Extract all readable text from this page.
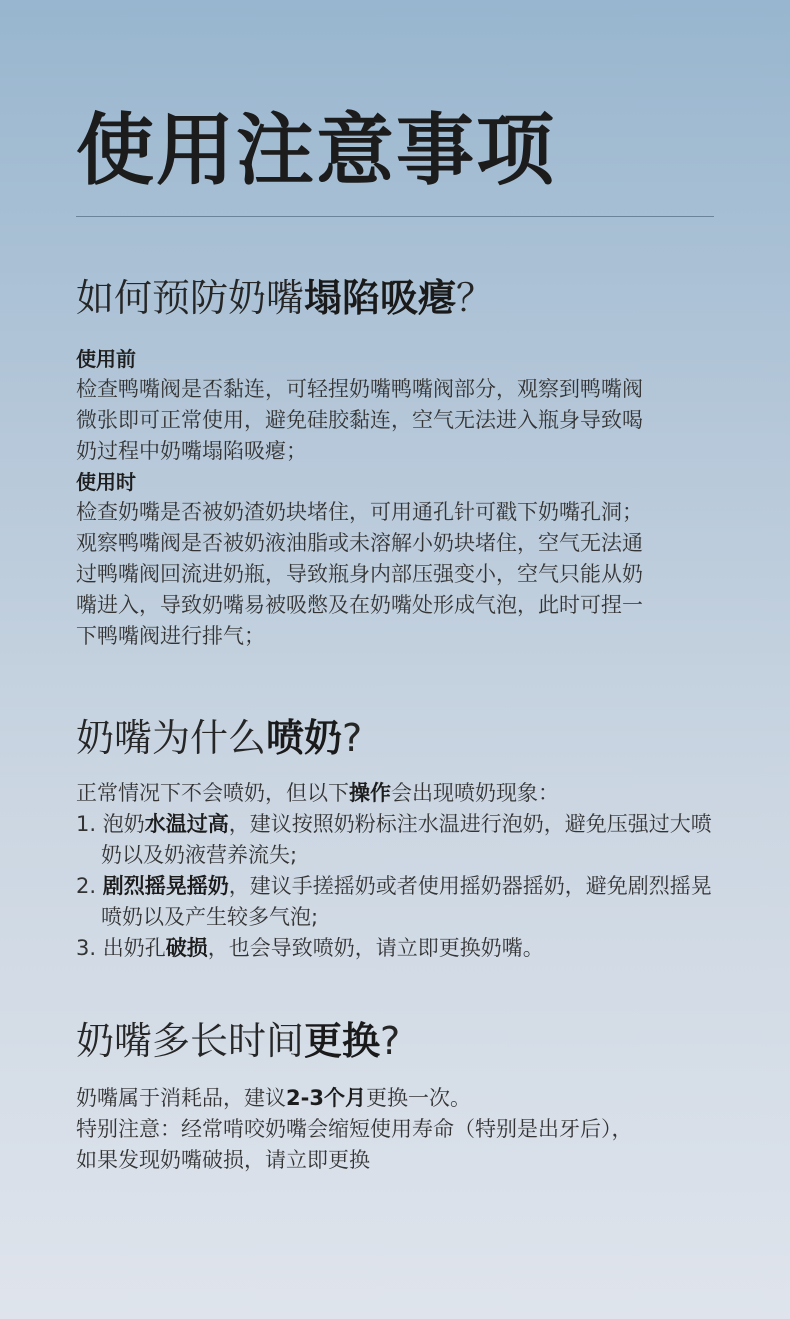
使用注意事项
如何预防奶嘴塌陷吸瘪？
使用前
检查鸭嘴阀是否黏连，可轻捏奶嘴鸭嘴阀部分，观察到鸭嘴阀
微张即可正常使用，避免硅胶黏连，空气无法进入瓶身导致喝
奶过程中奶嘴塌陷吸瘪；
使用时
检查奶嘴是否被奶渣奶块堵住，可用通孔针可戳下奶嘴孔洞；
观察鸭嘴阀是否被奶液油脂或未溶解小奶块堵住，空气无法通
过鸭嘴阀回流进奶瓶，导致瓶身内部压强变小，空气只能从奶
嘴进入，导致奶嘴易被吸憋及在奶嘴处形成气泡，此时可捏一
下鸭嘴阀进行排气；
奶嘴为什么喷奶?
正常情况下不会喷奶，但以下操作会出现喷奶现象：
1. 泡奶水温过高，建议按照奶粉标注水温进行泡奶，避免压强过大喷奶以及奶液营养流失;
2. 剧烈摇晃摇奶，建议手搓摇奶或者使用摇奶器摇奶，避免剧烈摇晃喷奶以及产生较多气泡;
3. 出奶孔破损，也会导致喷奶，请立即更换奶嘴。
奶嘴多长时间更换?
奶嘴属于消耗品，建议2-3个月更换一次。
特别注意：经常啃咬奶嘴会缩短使用寿命（特别是出牙后），
如果发现奶嘴破损，请立即更换
